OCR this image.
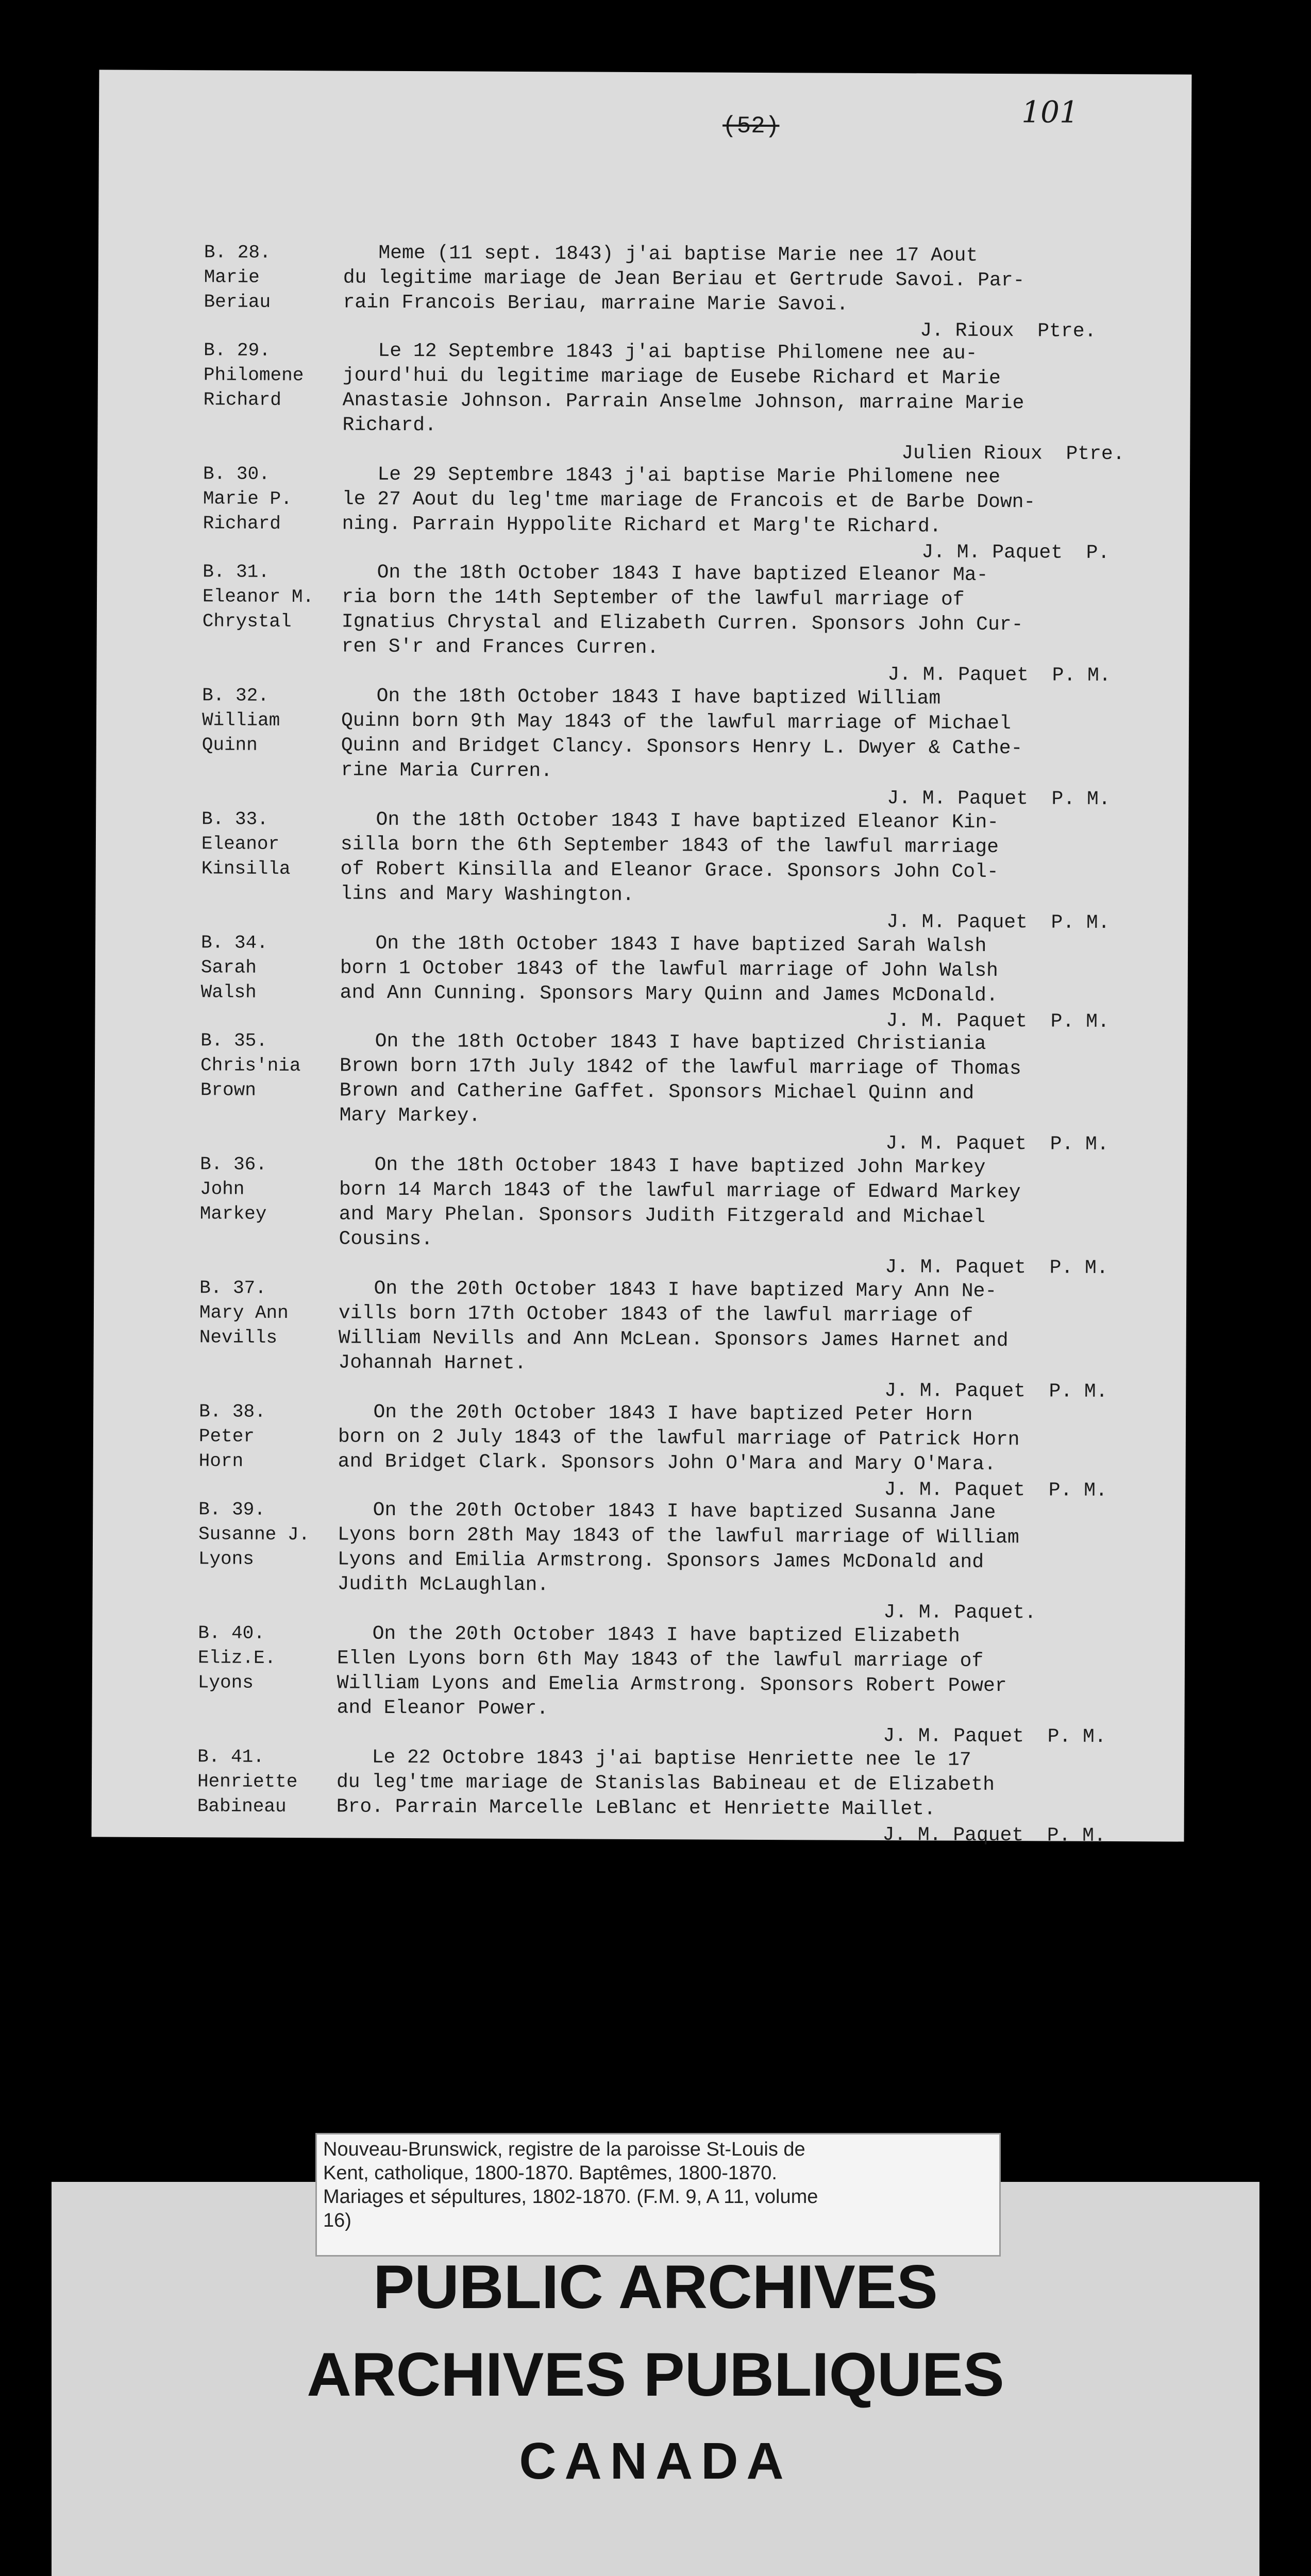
(52)	101
B. 28.
Marie
Beriau
Meme (11 sept. 1843) j'ai baptise Marie nee 17 Aout
du legitime mariage de Jean Beriau et Gertrude Savoi. Par-
rain Francois Beriau, marraine Marie Savoi.
J. Rioux  Ptre.
B. 29.
Philomene
Richard
Le 12 Septembre 1843 j'ai baptise Philomene nee au-
jourd'hui du legitime mariage de Eusebe Richard et Marie
Anastasie Johnson. Parrain Anselme Johnson, marraine Marie
Richard.
Julien Rioux  Ptre.
B. 30.
Marie P.
Richard
Le 29 Septembre 1843 j'ai baptise Marie Philomene nee
le 27 Aout du leg'tme mariage de Francois et de Barbe Down-
ning. Parrain Hyppolite Richard et Marg'te Richard.
J. M. Paquet  P.
B. 31.
Eleanor M.
Chrystal
On the 18th October 1843 I have baptized Eleanor Ma-
ria born the 14th September of the lawful marriage of
Ignatius Chrystal and Elizabeth Curren. Sponsors John Cur-
ren S'r and Frances Curren.
J. M. Paquet  P. M.
B. 32.
William
Quinn
On the 18th October 1843 I have baptized William
Quinn born 9th May 1843 of the lawful marriage of Michael
Quinn and Bridget Clancy. Sponsors Henry L. Dwyer & Cathe-
rine Maria Curren.
J. M. Paquet  P. M.
B. 33.
Eleanor
Kinsilla
On the 18th October 1843 I have baptized Eleanor Kin-
silla born the 6th September 1843 of the lawful marriage
of Robert Kinsilla and Eleanor Grace. Sponsors John Col-
lins and Mary Washington.
J. M. Paquet  P. M.
B. 34.
Sarah
Walsh
On the 18th October 1843 I have baptized Sarah Walsh
born 1 October 1843 of the lawful marriage of John Walsh
and Ann Cunning. Sponsors Mary Quinn and James McDonald.
J. M. Paquet  P. M.
B. 35.
Chris'nia
Brown
On the 18th October 1843 I have baptized Christiania
Brown born 17th July 1842 of the lawful marriage of Thomas
Brown and Catherine Gaffet. Sponsors Michael Quinn and
Mary Markey.
J. M. Paquet  P. M.
B. 36.
John
Markey
On the 18th October 1843 I have baptized John Markey
born 14 March 1843 of the lawful marriage of Edward Markey
and Mary Phelan. Sponsors Judith Fitzgerald and Michael
Cousins.
J. M. Paquet  P. M.
B. 37.
Mary Ann
Nevills
On the 20th October 1843 I have baptized Mary Ann Ne-
vills born 17th October 1843 of the lawful marriage of
William Nevills and Ann McLean. Sponsors James Harnet and
Johannah Harnet.
J. M. Paquet  P. M.
B. 38.
Peter
Horn
On the 20th October 1843 I have baptized Peter Horn
born on 2 July 1843 of the lawful marriage of Patrick Horn
and Bridget Clark. Sponsors John O'Mara and Mary O'Mara.
J. M. Paquet  P. M.
B. 39.
Susanne J.
Lyons
On the 20th October 1843 I have baptized Susanna Jane
Lyons born 28th May 1843 of the lawful marriage of William
Lyons and Emilia Armstrong. Sponsors James McDonald and
Judith McLaughlan.
J. M. Paquet.
B. 40.
Eliz.E.
Lyons
On the 20th October 1843 I have baptized Elizabeth
Ellen Lyons born 6th May 1843 of the lawful marriage of
William Lyons and Emelia Armstrong. Sponsors Robert Power
and Eleanor Power.
J. M. Paquet  P. M.
B. 41.
Henriette
Babineau
Le 22 Octobre 1843 j'ai baptise Henriette nee le 17
du leg'tme mariage de Stanislas Babineau et de Elizabeth
Bro. Parrain Marcelle LeBlanc et Henriette Maillet.
J. M. Paquet  P. M.
Nouveau-Brunswick, registre de la paroisse St-Louis de
Kent, catholique, 1800-1870. Baptêmes, 1800-1870.
Mariages et sépultures, 1802-1870. (F.M. 9, A 11, volume
16)
PUBLIC ARCHIVES
ARCHIVES PUBLIQUES
CANADA
